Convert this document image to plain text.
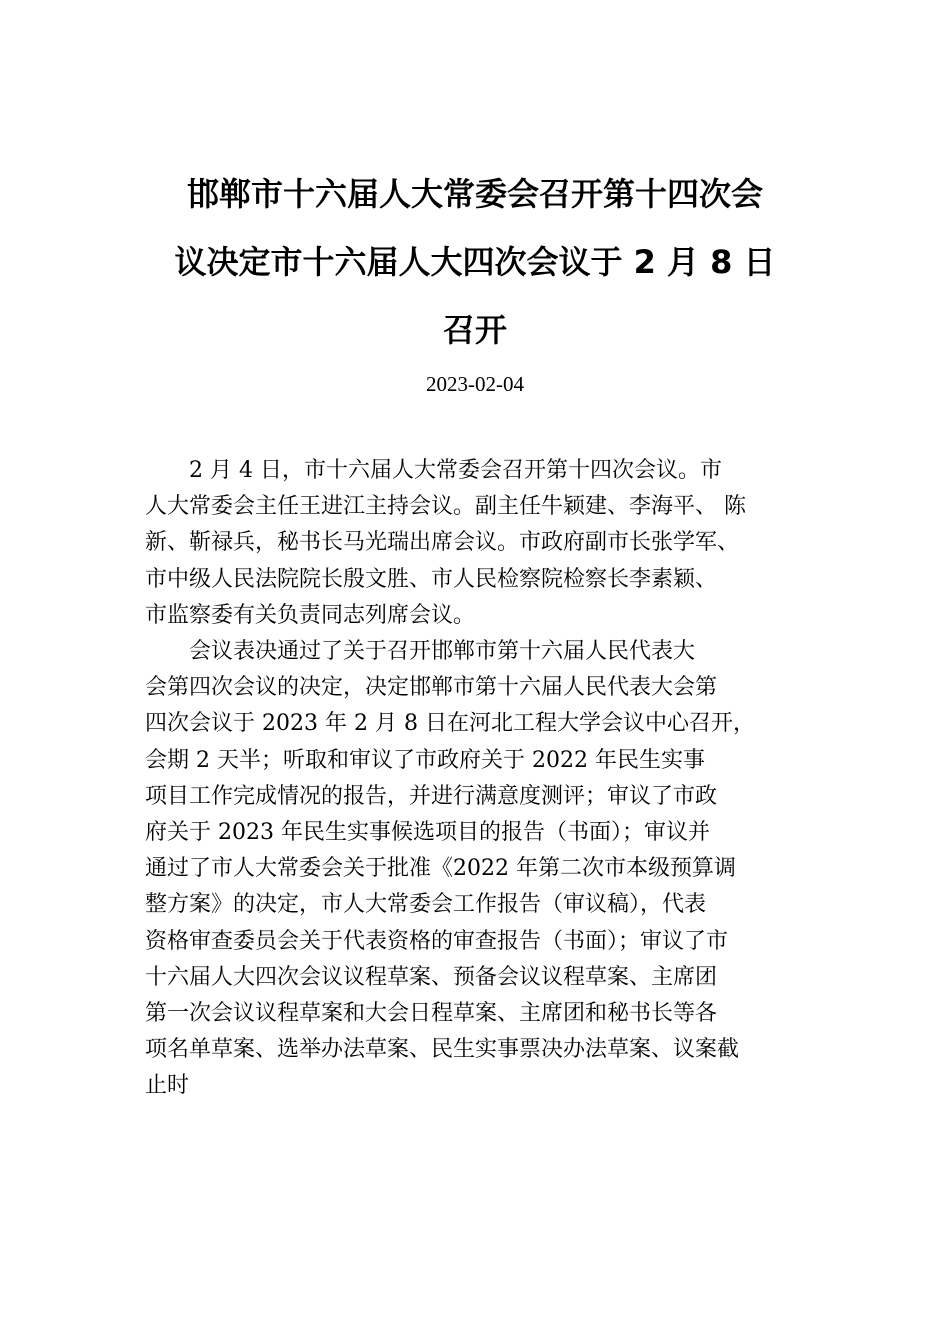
邯郸市十六届人大常委会召开第十四次会
议决定市十六届人大四次会议于 2 月 8 日
召开
2023-02-04

2 月 4 日，市十六届人大常委会召开第十四次会议。市
人大常委会主任王进江主持会议。副主任牛颖建、李海平、 陈
新、靳禄兵，秘书长马光瑞出席会议。市政府副市长张学军、
市中级人民法院院长殷文胜、市人民检察院检察长李素颖、
市监察委有关负责同志列席会议。

会议表决通过了关于召开邯郸市第十六届人民代表大
会第四次会议的决定，决定邯郸市第十六届人民代表大会第
四次会议于 2023 年 2 月 8 日在河北工程大学会议中心召开，
会期 2 天半；听取和审议了市政府关于 2022 年民生实事
项目工作完成情况的报告，并进行满意度测评；审议了市政
府关于 2023 年民生实事候选项目的报告（书面）；审议并
通过了市人大常委会关于批准《2022 年第二次市本级预算调
整方案》的决定，市人大常委会工作报告（审议稿），代表
资格审查委员会关于代表资格的审查报告（书面）；审议了市
十六届人大四次会议议程草案、预备会议议程草案、主席团
第一次会议议程草案和大会日程草案、主席团和秘书长等各
项名单草案、选举办法草案、民生实事票决办法草案、议案截
止时
